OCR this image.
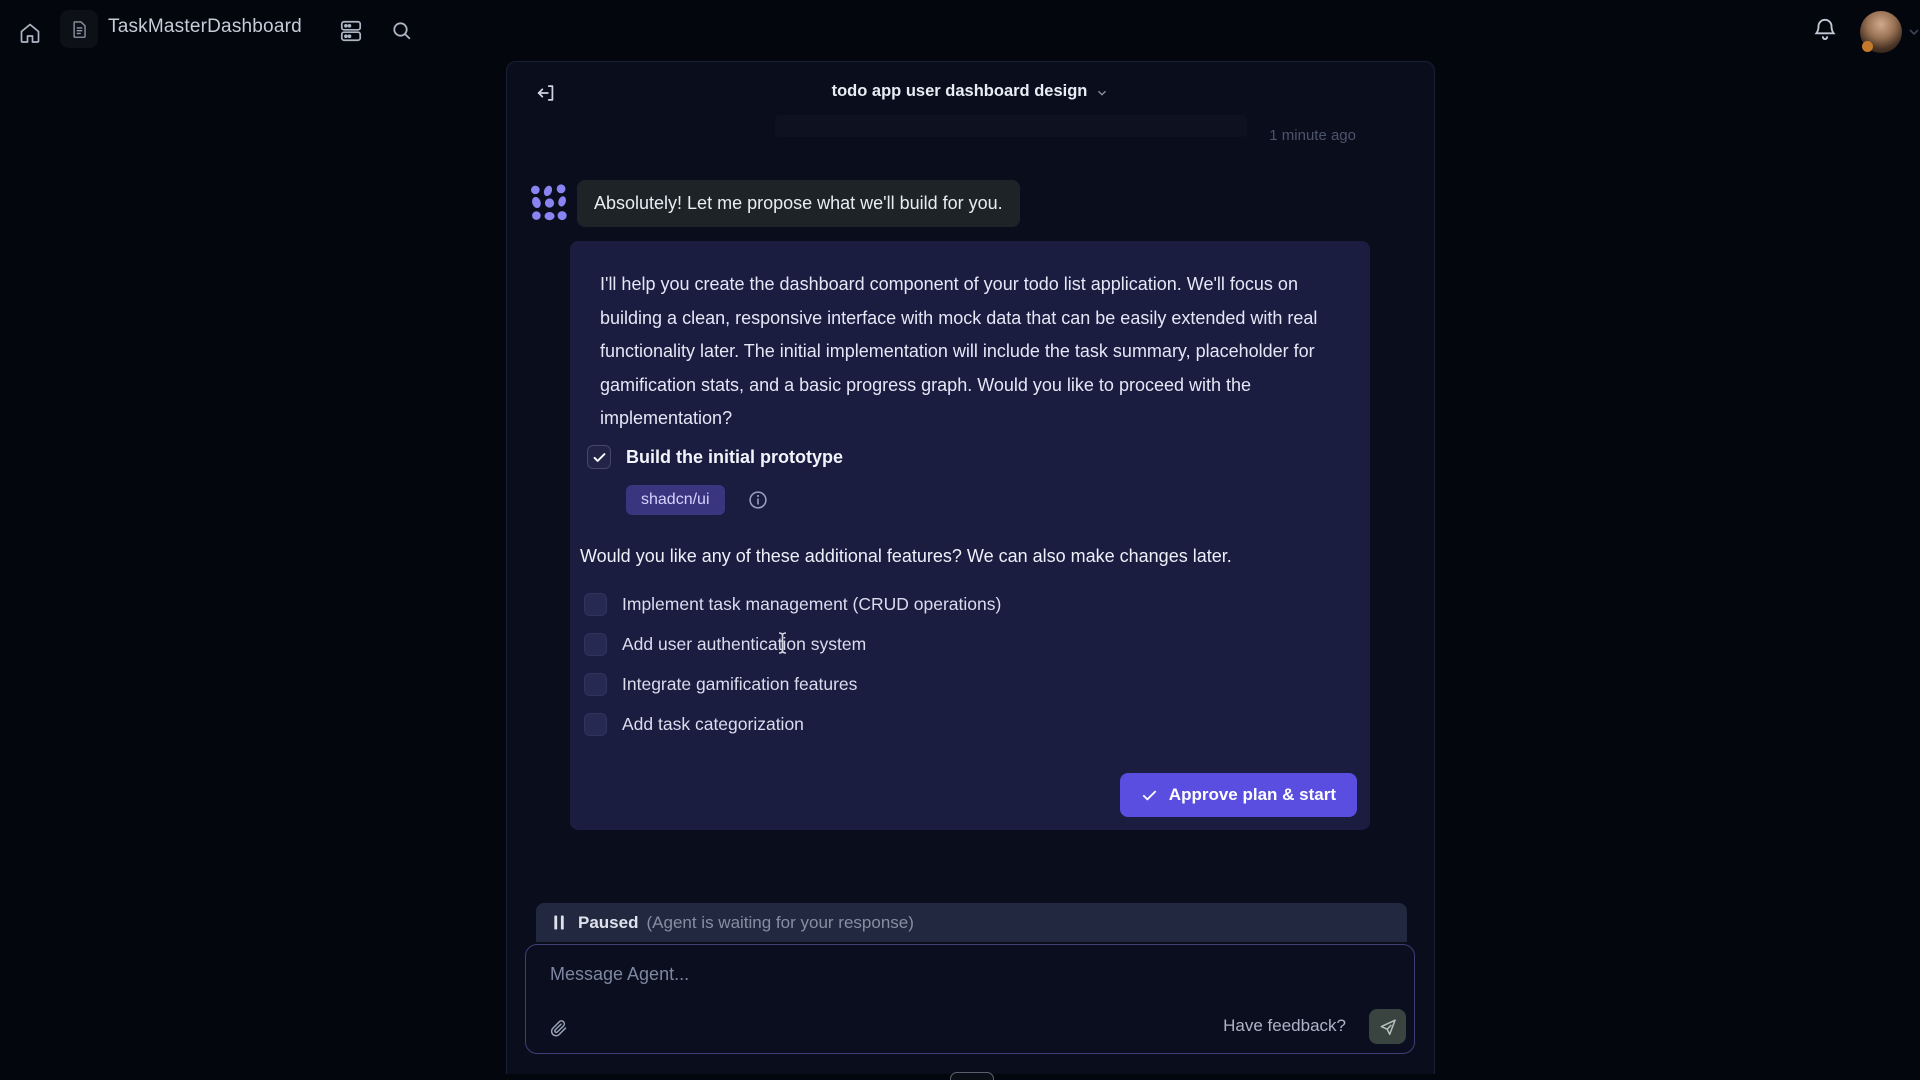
TaskMasterDashboard
todo app user dashboard design
1 minute ago
Absolutely! Let me propose what we'll build for you.
I'll help you create the dashboard component of your todo list application. We'll focus on building a clean, responsive interface with mock data that can be easily extended with real functionality later. The initial implementation will include the task summary, placeholder for gamification stats, and a basic progress graph. Would you like to proceed with the implementation?
Build the initial prototype
shadcn/ui
Would you like any of these additional features? We can also make changes later.
Implement task management (CRUD operations)
Add user authentication system
Integrate gamification features
Add task categorization
Approve plan & start
Paused (Agent is waiting for your response)
Message Agent...
Have feedback?
